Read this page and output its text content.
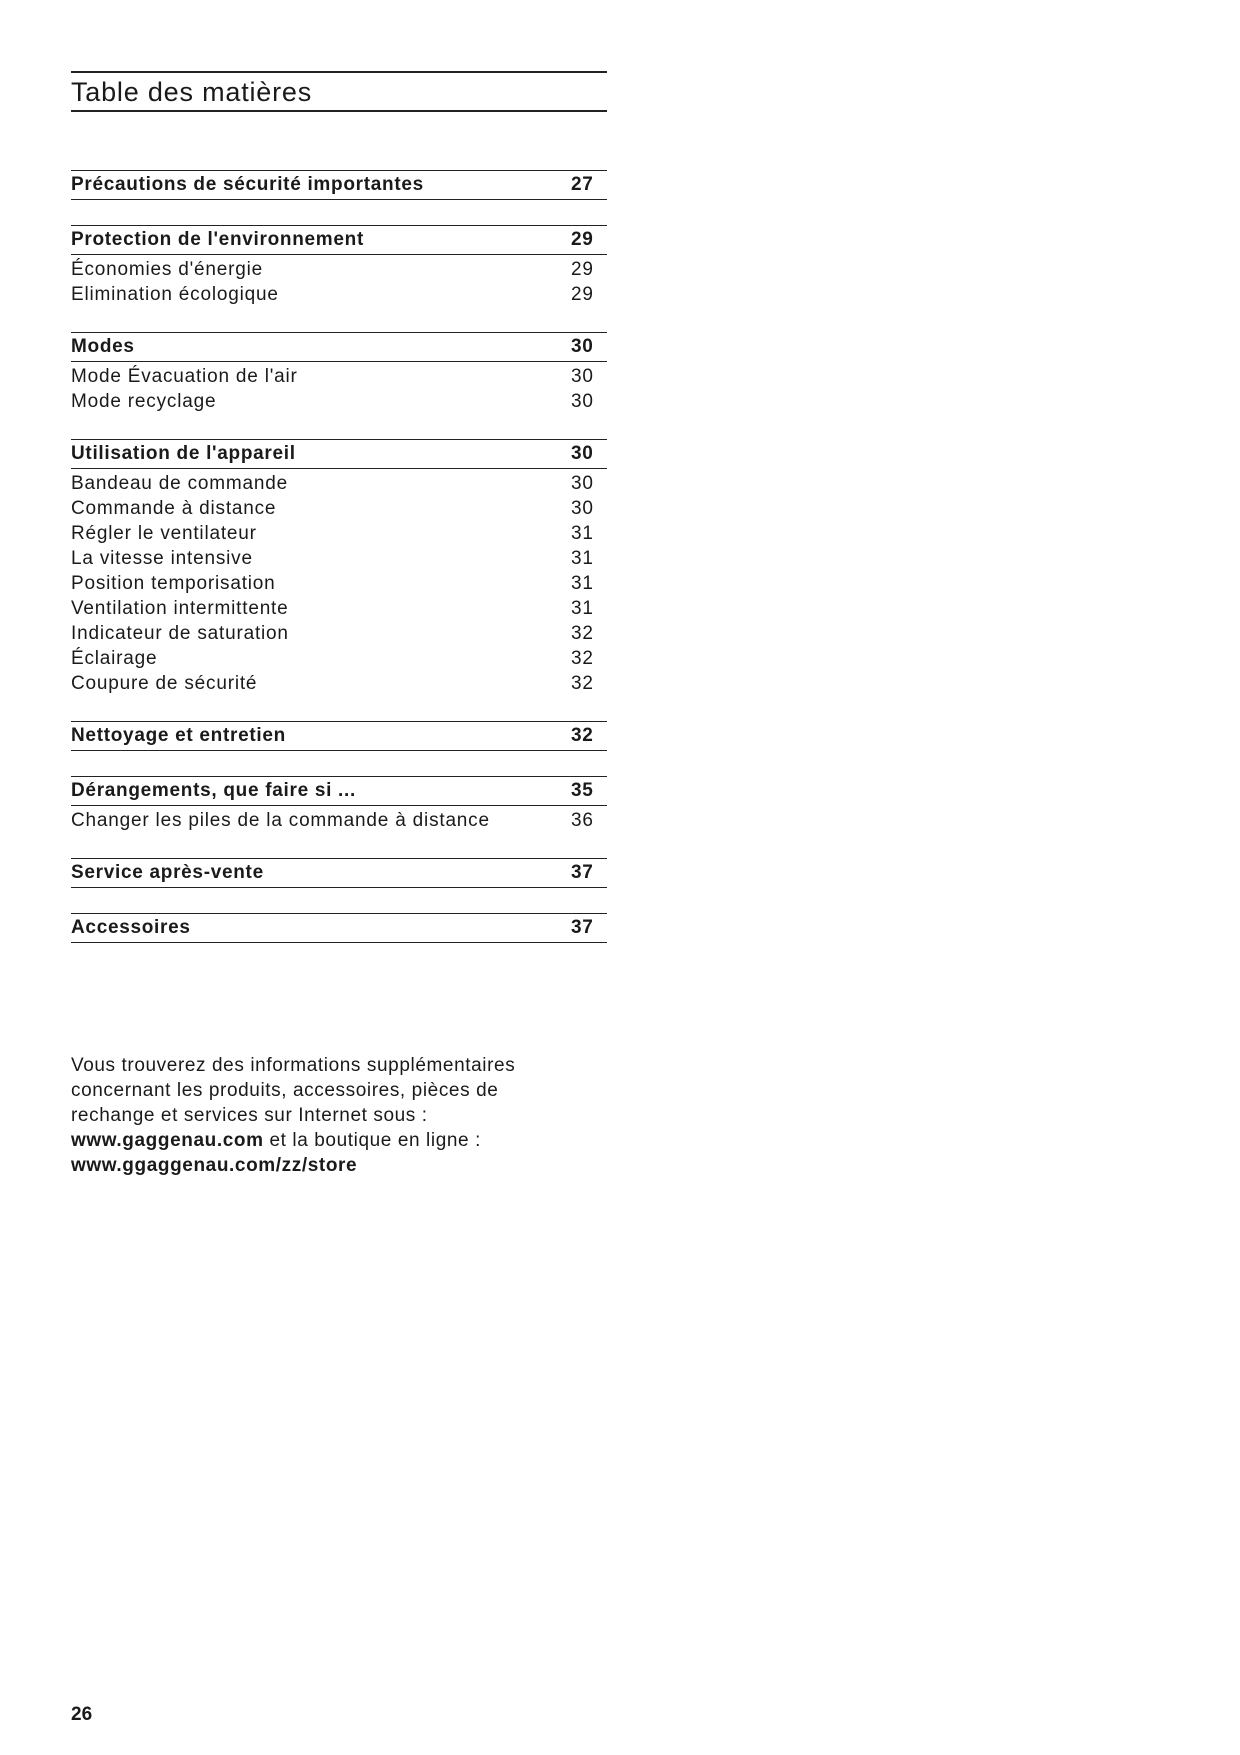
Table des matières
Précautions de sécurité importantes	27
Protection de l'environnement	29
Économies d'énergie	29
Elimination écologique	29
Modes	30
Mode Évacuation de l'air	30
Mode recyclage	30
Utilisation de l'appareil	30
Bandeau de commande	30
Commande à distance	30
Régler le ventilateur	31
La vitesse intensive	31
Position temporisation	31
Ventilation intermittente	31
Indicateur de saturation	32
Éclairage	32
Coupure de sécurité	32
Nettoyage et entretien	32
Dérangements, que faire si ...	35
Changer les piles de la commande à distance	36
Service après-vente	37
Accessoires	37
Vous trouverez des informations supplémentaires
concernant les produits, accessoires, pièces de
rechange et services sur Internet sous :
www.gaggenau.com et la boutique en ligne :
www.ggaggenau.com/zz/store
26
